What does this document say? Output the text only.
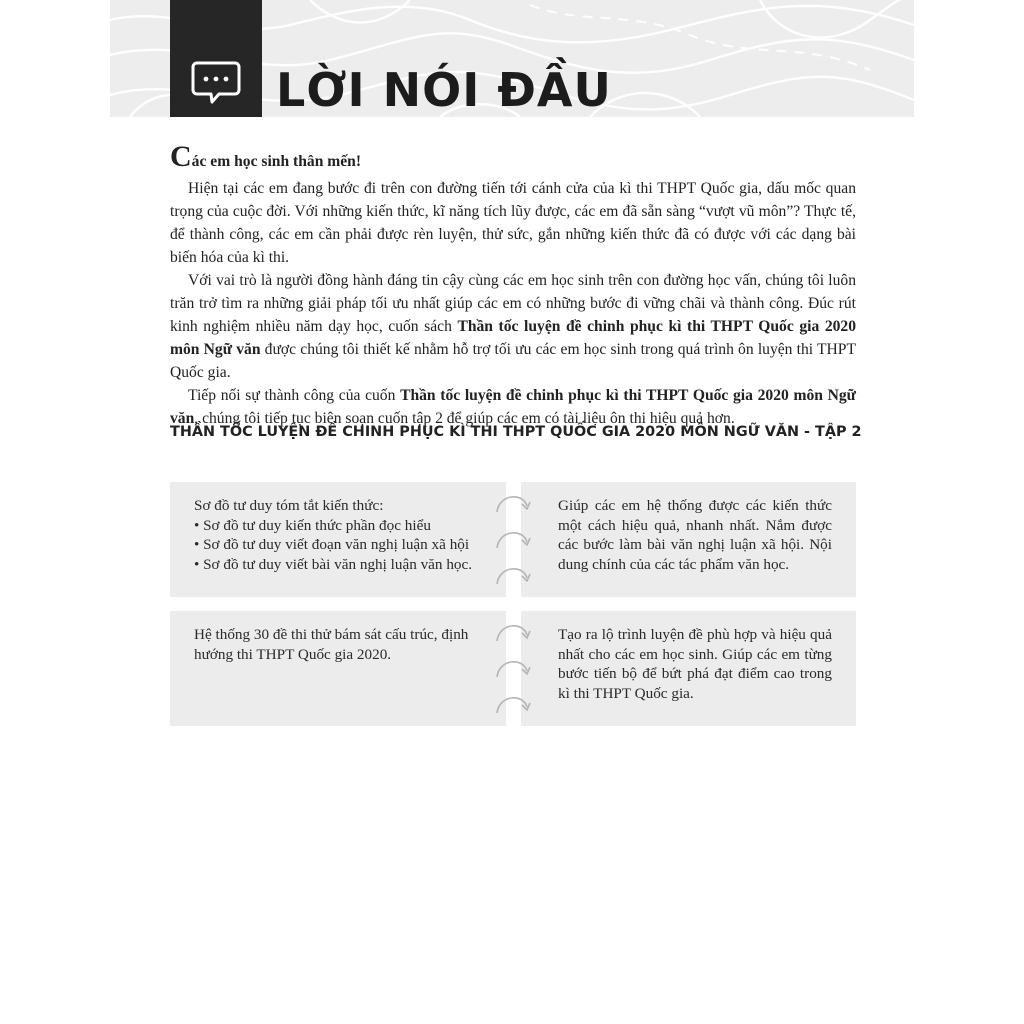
LỜI NÓI ĐẦU

Các em học sinh thân mến!

Hiện tại các em đang bước đi trên con đường tiến tới cánh cửa của kì thi THPT Quốc gia, dấu mốc quan trọng của cuộc đời. Với những kiến thức, kĩ năng tích lũy được, các em đã sẵn sàng “vượt vũ môn”? Thực tế, để thành công, các em cần phải được rèn luyện, thử sức, gắn những kiến thức đã có được với các dạng bài biến hóa của kì thi.

Với vai trò là người đồng hành đáng tin cậy cùng các em học sinh trên con đường học vấn, chúng tôi luôn trăn trở tìm ra những giải pháp tối ưu nhất giúp các em có những bước đi vững chãi và thành công. Đúc rút kinh nghiệm nhiều năm dạy học, cuốn sách Thần tốc luyện đề chinh phục kì thi THPT Quốc gia 2020 môn Ngữ văn được chúng tôi thiết kế nhằm hỗ trợ tối ưu các em học sinh trong quá trình ôn luyện thi THPT Quốc gia.

Tiếp nối sự thành công của cuốn Thần tốc luyện đề chinh phục kì thi THPT Quốc gia 2020 môn Ngữ văn, chúng tôi tiếp tục biên soạn cuốn tập 2 để giúp các em có tài liệu ôn thi hiệu quả hơn.

THẦN TỐC LUYỆN ĐỀ CHINH PHỤC KÌ THI THPT QUỐC GIA 2020 MÔN NGỮ VĂN - TẬP 2
Sơ đồ tư duy tóm tắt kiến thức:
• Sơ đồ tư duy kiến thức phần đọc hiểu
• Sơ đồ tư duy viết đoạn văn nghị luận xã hội
• Sơ đồ tư duy viết bài văn nghị luận văn học.
Giúp các em hệ thống được các kiến thức
một cách hiệu quả, nhanh nhất. Nắm được
các bước làm bài văn nghị luận xã hội. Nội
dung chính của các tác phẩm văn học.
Hệ thống 30 đề thi thử bám sát cấu trúc, định
hướng thi THPT Quốc gia 2020.
Tạo ra lộ trình luyện đề phù hợp và hiệu quả
nhất cho các em học sinh. Giúp các em từng
bước tiến bộ để bứt phá đạt điểm cao trong
kì thi THPT Quốc gia.
